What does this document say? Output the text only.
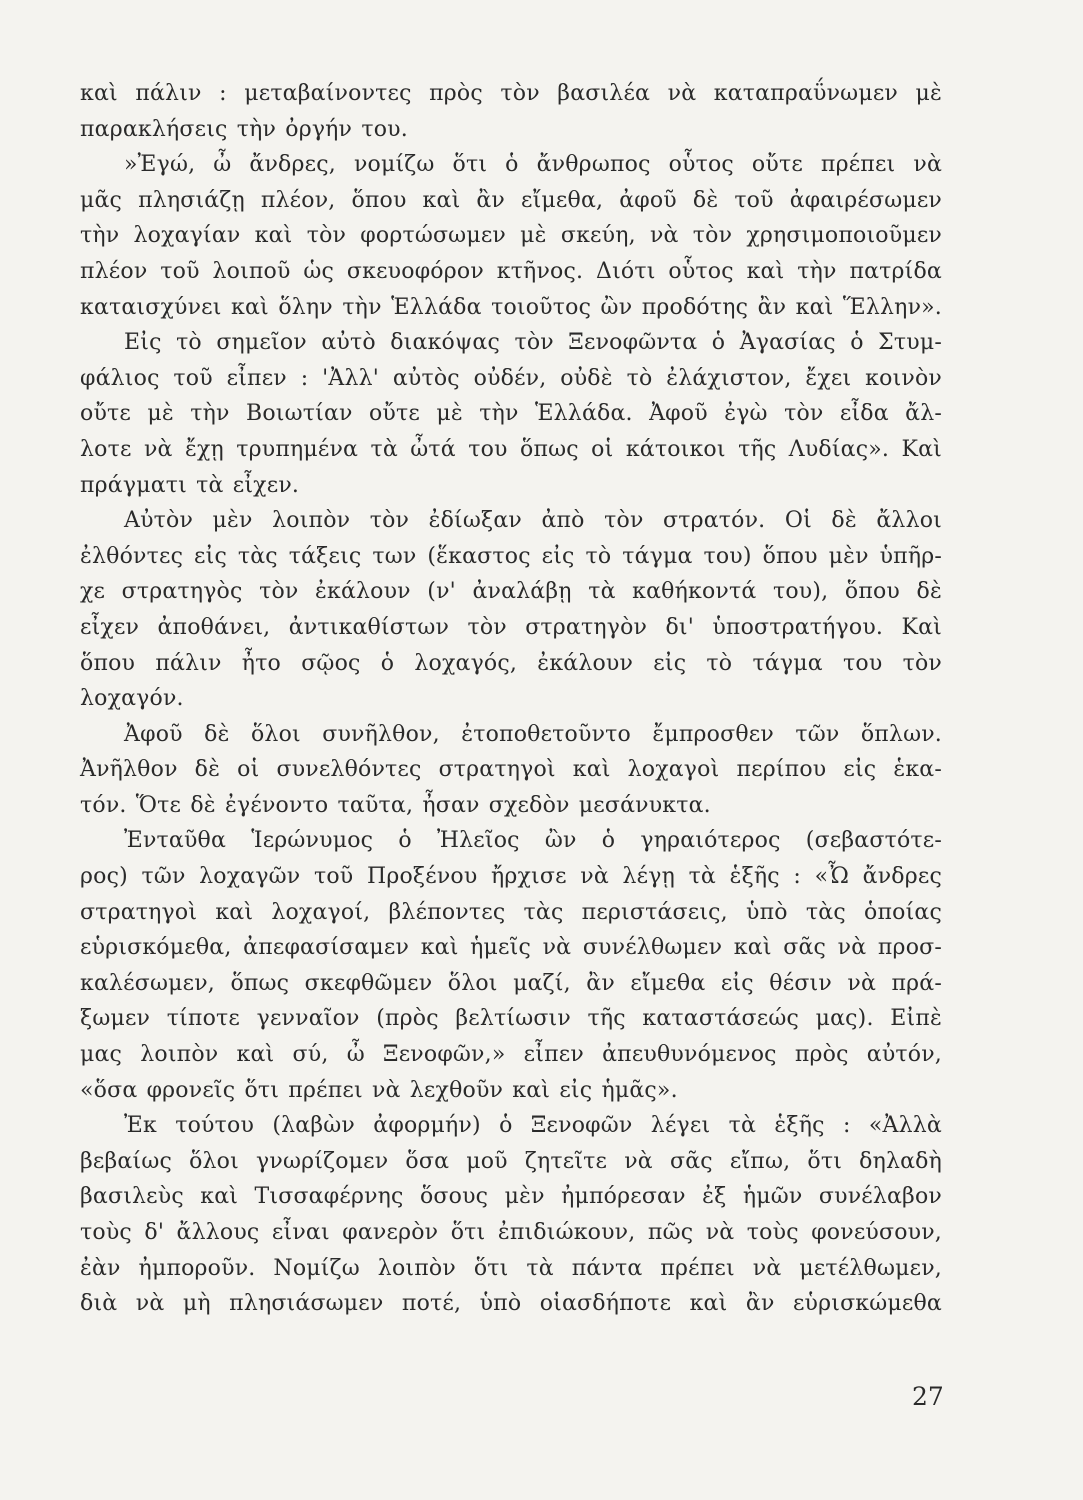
καὶ πάλιν : μεταβαίνοντες πρὸς τὸν βασιλέα νὰ καταπραΰνωμεν μὲ
παρακλήσεις τὴν ὀργήν του.
»Ἐγώ, ὦ ἄνδρες, νομίζω ὅτι ὁ ἄνθρωπος οὗτος οὔτε πρέπει νὰ
μᾶς πλησιάζῃ πλέον, ὅπου καὶ ἂν εἴμεθα, ἀφοῦ δὲ τοῦ ἀφαιρέσωμεν
τὴν λοχαγίαν καὶ τὸν φορτώσωμεν μὲ σκεύη, νὰ τὸν χρησιμοποιοῦμεν
πλέον τοῦ λοιποῦ ὡς σκευοφόρον κτῆνος. Διότι οὗτος καὶ τὴν πατρίδα
καταισχύνει καὶ ὅλην τὴν Ἑλλάδα τοιοῦτος ὢν προδότης ἂν καὶ Ἕλλην».
Εἰς τὸ σημεῖον αὐτὸ διακόψας τὸν Ξενοφῶντα ὁ Ἀγασίας ὁ Στυμ-
φάλιος τοῦ εἶπεν : 'Ἀλλ' αὐτὸς οὐδέν, οὐδὲ τὸ ἐλάχιστον, ἔχει κοινὸν
οὔτε μὲ τὴν Βοιωτίαν οὔτε μὲ τὴν Ἑλλάδα. Ἀφοῦ ἐγὼ τὸν εἶδα ἄλ-
λοτε νὰ ἔχῃ τρυπημένα τὰ ὦτά του ὅπως οἱ κάτοικοι τῆς Λυδίας». Καὶ
πράγματι τὰ εἶχεν.
Αὐτὸν μὲν λοιπὸν τὸν ἐδίωξαν ἀπὸ τὸν στρατόν. Οἱ δὲ ἄλλοι
ἐλθόντες εἰς τὰς τάξεις των (ἕκαστος εἰς τὸ τάγμα του) ὅπου μὲν ὑπῆρ-
χε στρατηγὸς τὸν ἐκάλουν (ν' ἀναλάβῃ τὰ καθήκοντά του), ὅπου δὲ
εἶχεν ἀποθάνει, ἀντικαθίστων τὸν στρατηγὸν δι' ὑποστρατήγου. Καὶ
ὅπου πάλιν ἦτο σῷος ὁ λοχαγός, ἐκάλουν εἰς τὸ τάγμα του τὸν
λοχαγόν.
Ἀφοῦ δὲ ὅλοι συνῆλθον, ἐτοποθετοῦντο ἔμπροσθεν τῶν ὅπλων.
Ἀνῆλθον δὲ οἱ συνελθόντες στρατηγοὶ καὶ λοχαγοὶ περίπου εἰς ἑκα-
τόν. Ὅτε δὲ ἐγένοντο ταῦτα, ἦσαν σχεδὸν μεσάνυκτα.
Ἐνταῦθα Ἱερώνυμος ὁ Ἠλεῖος ὢν ὁ γηραιότερος (σεβαστότε-
ρος) τῶν λοχαγῶν τοῦ Προξένου ἤρχισε νὰ λέγῃ τὰ ἑξῆς : «Ὦ ἄνδρες
στρατηγοὶ καὶ λοχαγοί, βλέποντες τὰς περιστάσεις, ὑπὸ τὰς ὁποίας
εὑρισκόμεθα, ἀπεφασίσαμεν καὶ ἡμεῖς νὰ συνέλθωμεν καὶ σᾶς νὰ προσ-
καλέσωμεν, ὅπως σκεφθῶμεν ὅλοι μαζί, ἂν εἴμεθα εἰς θέσιν νὰ πρά-
ξωμεν τίποτε γενναῖον (πρὸς βελτίωσιν τῆς καταστάσεώς μας). Εἰπὲ
μας λοιπὸν καὶ σύ, ὦ Ξενοφῶν,» εἶπεν ἀπευθυνόμενος πρὸς αὐτόν,
«ὅσα φρονεῖς ὅτι πρέπει νὰ λεχθοῦν καὶ εἰς ἡμᾶς».
Ἐκ τούτου (λαβὼν ἀφορμήν) ὁ Ξενοφῶν λέγει τὰ ἑξῆς : «Ἀλλὰ
βεβαίως ὅλοι γνωρίζομεν ὅσα μοῦ ζητεῖτε νὰ σᾶς εἴπω, ὅτι δηλαδὴ
βασιλεὺς καὶ Τισσαφέρνης ὅσους μὲν ἠμπόρεσαν ἐξ ἡμῶν συνέλαβον
τοὺς δ' ἄλλους εἶναι φανερὸν ὅτι ἐπιδιώκουν, πῶς νὰ τοὺς φονεύσουν,
ἐὰν ἠμποροῦν. Νομίζω λοιπὸν ὅτι τὰ πάντα πρέπει νὰ μετέλθωμεν,
διὰ νὰ μὴ πλησιάσωμεν ποτέ, ὑπὸ οἱασδήποτε καὶ ἂν εὑρισκώμεθα
27
